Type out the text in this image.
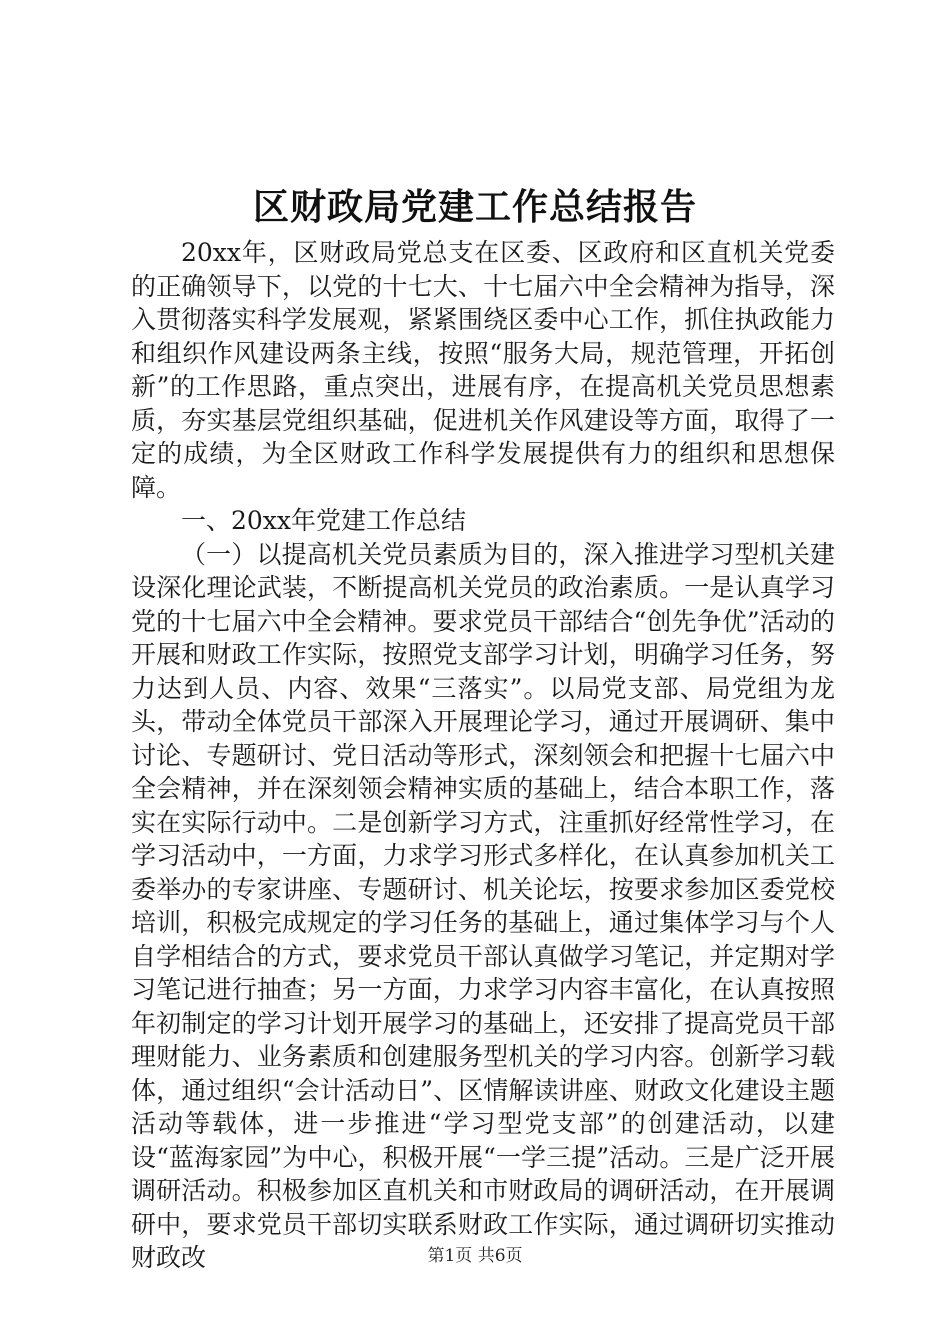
区财政局党建工作总结报告

20xx年，区财政局党总支在区委、区政府和区直机关党委的正确领导下，以党的十七大、十七届六中全会精神为指导，深入贯彻落实科学发展观，紧紧围绕区委中心工作，抓住执政能力和组织作风建设两条主线，按照“服务大局，规范管理，开拓创新”的工作思路，重点突出，进展有序，在提高机关党员思想素质，夯实基层党组织基础，促进机关作风建设等方面，取得了一定的成绩，为全区财政工作科学发展提供有力的组织和思想保障。

一、20xx年党建工作总结

（一）以提高机关党员素质为目的，深入推进学习型机关建设深化理论武装，不断提高机关党员的政治素质。一是认真学习党的十七届六中全会精神。要求党员干部结合“创先争优”活动的开展和财政工作实际，按照党支部学习计划，明确学习任务，努力达到人员、内容、效果“三落实”。以局党支部、局党组为龙头，带动全体党员干部深入开展理论学习，通过开展调研、集中讨论、专题研讨、党日活动等形式，深刻领会和把握十七届六中全会精神，并在深刻领会精神实质的基础上，结合本职工作，落实在实际行动中。二是创新学习方式，注重抓好经常性学习，在学习活动中，一方面，力求学习形式多样化，在认真参加机关工委举办的专家讲座、专题研讨、机关论坛，按要求参加区委党校培训，积极完成规定的学习任务的基础上，通过集体学习与个人自学相结合的方式，要求党员干部认真做学习笔记，并定期对学习笔记进行抽查；另一方面，力求学习内容丰富化，在认真按照年初制定的学习计划开展学习的基础上，还安排了提高党员干部理财能力、业务素质和创建服务型机关的学习内容。创新学习载体，通过组织“会计活动日”、区情解读讲座、财政文化建设主题活动等载体，进一步推进“学习型党支部”的创建活动，以建设“蓝海家园”为中心，积极开展“一学三提”活动。三是广泛开展调研活动。积极参加区直机关和市财政局的调研活动，在开展调研中，要求党员干部切实联系财政工作实际，通过调研切实推动财政改	第1页 共6页
